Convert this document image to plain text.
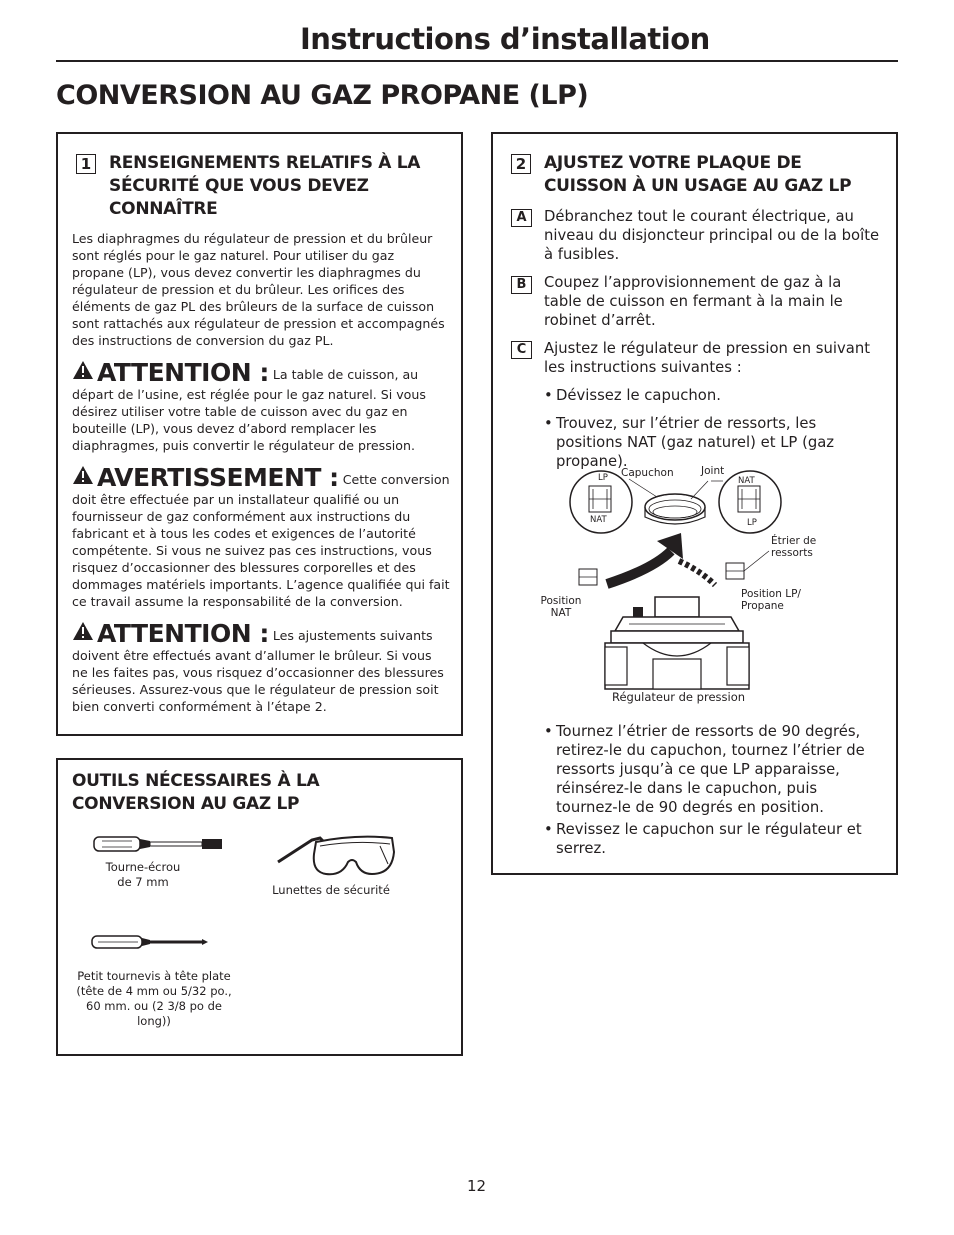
Instructions d’installation
CONVERSION AU GAZ PROPANE (LP)
1 RENSEIGNEMENTS RELATIFS À LA SÉCURITÉ QUE VOUS DEVEZ CONNAÎTRE
Les diaphragmes du régulateur de pression et du brûleur sont réglés pour le gaz naturel. Pour utiliser du gaz propane (LP), vous devez convertir les diaphragmes du régulateur de pression et du brûleur. Les orifices des éléments de gaz PL des brûleurs de la surface de cuisson sont rattachés aux régulateur de pression et accompagnés des instructions de conversion du gaz PL.
ATTENTION : La table de cuisson, au départ de l’usine, est réglée pour le gaz naturel. Si vous désirez utiliser votre table de cuisson avec du gaz en bouteille (LP), vous devez d’abord remplacer les diaphragmes, puis convertir le régulateur de pression.
AVERTISSEMENT : Cette conversion doit être effectuée par un installateur qualifié ou un fournisseur de gaz conformément aux instructions du fabricant et à tous les codes et exigences de l’autorité compétente. Si vous ne suivez pas ces instructions, vous risquez d’occasionner des blessures corporelles et des dommages matériels importants. L’agence qualifiée qui fait ce travail assume la responsabilité de la conversion.
ATTENTION : Les ajustements suivants doivent être effectués avant d’allumer le brûleur. Si vous ne les faites pas, vous risquez d’occasionner des blessures sérieuses. Assurez-vous que le régulateur de pression soit bien converti conformément à l’étape 2.
OUTILS NÉCESSAIRES À LA CONVERSION AU GAZ LP
Tourne-écrou de 7 mm
Lunettes de sécurité
Petit tournevis à tête plate (tête de 4 mm ou 5/32 po., 60 mm. ou (2 3/8 po de long))
2 AJUSTEZ VOTRE PLAQUE DE CUISSON À UN USAGE AU GAZ LP
A	Débranchez tout le courant électrique, au niveau du disjoncteur principal ou de la boîte à fusibles.
B	Coupez l’approvisionnement de gaz à la table de cuisson en fermant à la main le robinet d’arrêt.
C	Ajustez le régulateur de pression en suivant les instructions suivantes :
• Dévissez le capuchon.
• Trouvez, sur l’étrier de ressorts, les positions NAT (gaz naturel) et LP (gaz propane).
LP
NAT
Capuchon	Joint
NAT
LP
Étrier de ressorts
Position NAT
Position LP/ Propane
Régulateur de pression
• Tournez l’étrier de ressorts de 90 degrés, retirez-le du capuchon, tournez l’étrier de ressorts jusqu’à ce que LP apparaisse, réinsérez-le dans le capuchon, puis tournez-le de 90 degrés en position.
• Revissez le capuchon sur le régulateur et serrez.
12
